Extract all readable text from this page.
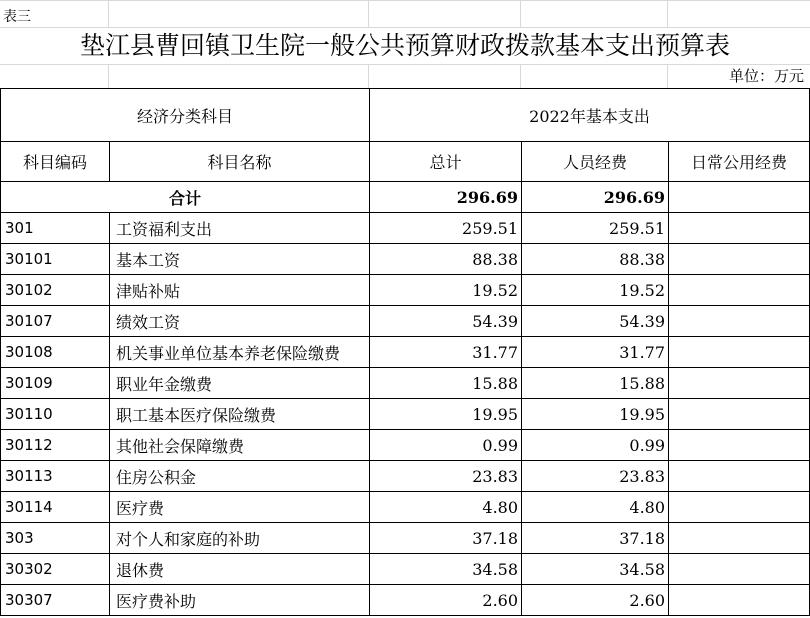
表三
垫江县曹回镇卫生院一般公共预算财政拨款基本支出预算表
单位：万元
经济分类科目		2022年基本支出		
科目编码	科目名称	总计	人员经费	日常公用经费
合计		296.69	296.69	
301	工资福利支出	259.51	259.51	
30101	基本工资	88.38	88.38	
30102	津贴补贴	19.52	19.52	
30107	绩效工资	54.39	54.39	
30108	机关事业单位基本养老保险缴费	31.77	31.77	
30109	职业年金缴费	15.88	15.88	
30110	职工基本医疗保险缴费	19.95	19.95	
30112	其他社会保障缴费	0.99	0.99	
30113	住房公积金	23.83	23.83	
30114	医疗费	4.80	4.80	
303	对个人和家庭的补助	37.18	37.18	
30302	退休费	34.58	34.58	
30307	医疗费补助	2.60	2.60	
